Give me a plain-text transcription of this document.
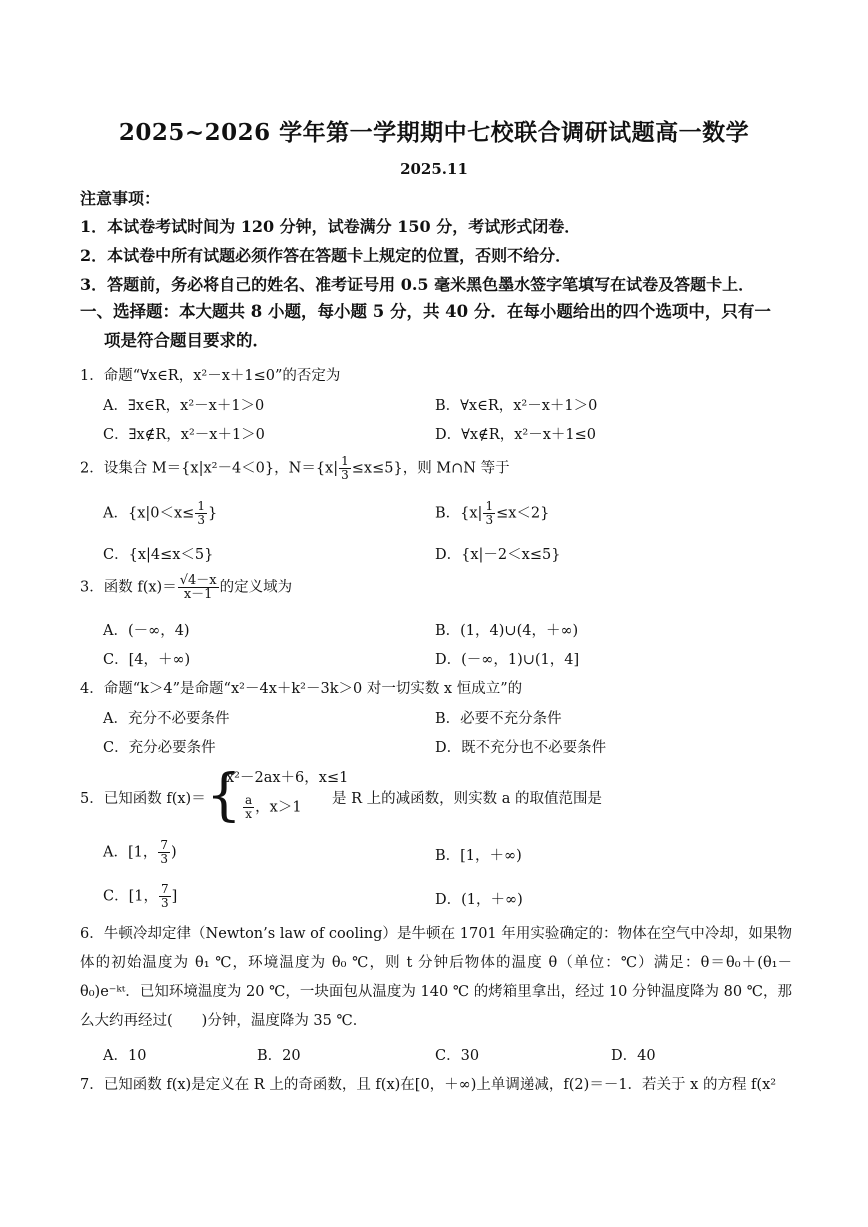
2025~2026 学年第一学期期中七校联合调研试题高一数学
2025.11
注意事项：
1．本试卷考试时间为 120 分钟，试卷满分 150 分，考试形式闭卷．
2．本试卷中所有试题必须作答在答题卡上规定的位置，否则不给分．
3．答题前，务必将自己的姓名、准考证号用 0.5 毫米黑色墨水签字笔填写在试卷及答题卡上．
一、选择题：本大题共 8 小题，每小题 5 分，共 40 分．在每小题给出的四个选项中，只有一
项是符合题目要求的．
1．命题“∀x∈R，x²－x＋1≤0”的否定为
A．∃x∈R，x²－x＋1＞0	B．∀x∈R，x²－x＋1＞0
C．∃x∉R，x²－x＋1＞0	D．∀x∉R，x²－x＋1≤0
2．设集合 M＝{x|x²－4＜0}，$N=\{x| \frac{1}{3} \le x\le 5\}$，则 M∩N 等于
A．{$x|0<x\le \frac{1}{3}$ }	B．$\{x| \frac{1}{3} \le x<2\}$
C．{x|4≤x＜5}	D．{x|－2＜x≤5}
3．函数 $f(x)= \frac{√4-x}{x-1}$ 的定义域为
A．(－∞，4)	B．(1，4)∪(4，＋∞)
C．[4，＋∞)	D．(－∞，1)∪(1，4]
4．命题“k＞4”是命题“x²－4x＋k²－3k＞0 对一切实数 x 恒成立”的
A．充分不必要条件	B．必要不充分条件
C．充分必要条件	D．既不充分也不必要条件
5．已知函数 f(x)＝ {
x²－2ax＋6，x≤1
$\frac{a}{x}$ ，x＞1
是 R 上的减函数，则实数 a 的取值范围是
A．[1， $\frac{7}{3}$ )	B．[1，＋∞)
C．[1， $\frac{7}{3}$ ]	D．(1，＋∞)
6．牛顿冷却定律（Newton’s law of cooling）是牛顿在 1701 年用实验确定的：物体在空气中冷却，如果物体的初始温度为 θ₁ ℃，环境温度为 θ₀ ℃，则 t 分钟后物体的温度 θ（单位：℃）满足：θ＝θ₀＋(θ₁－θ₀)e⁻ᵏᵗ．已知环境温度为 20 ℃，一块面包从温度为 140 ℃ 的烤箱里拿出，经过 10 分钟温度降为 80 ℃，那么大约再经过(　　)分钟，温度降为 35 ℃．
A．10	B．20	C．30	D．40
7．已知函数 f(x)是定义在 R 上的奇函数，且 f(x)在[0，＋∞)上单调递减，f(2)＝－1．若关于 x 的方程 f(x²
